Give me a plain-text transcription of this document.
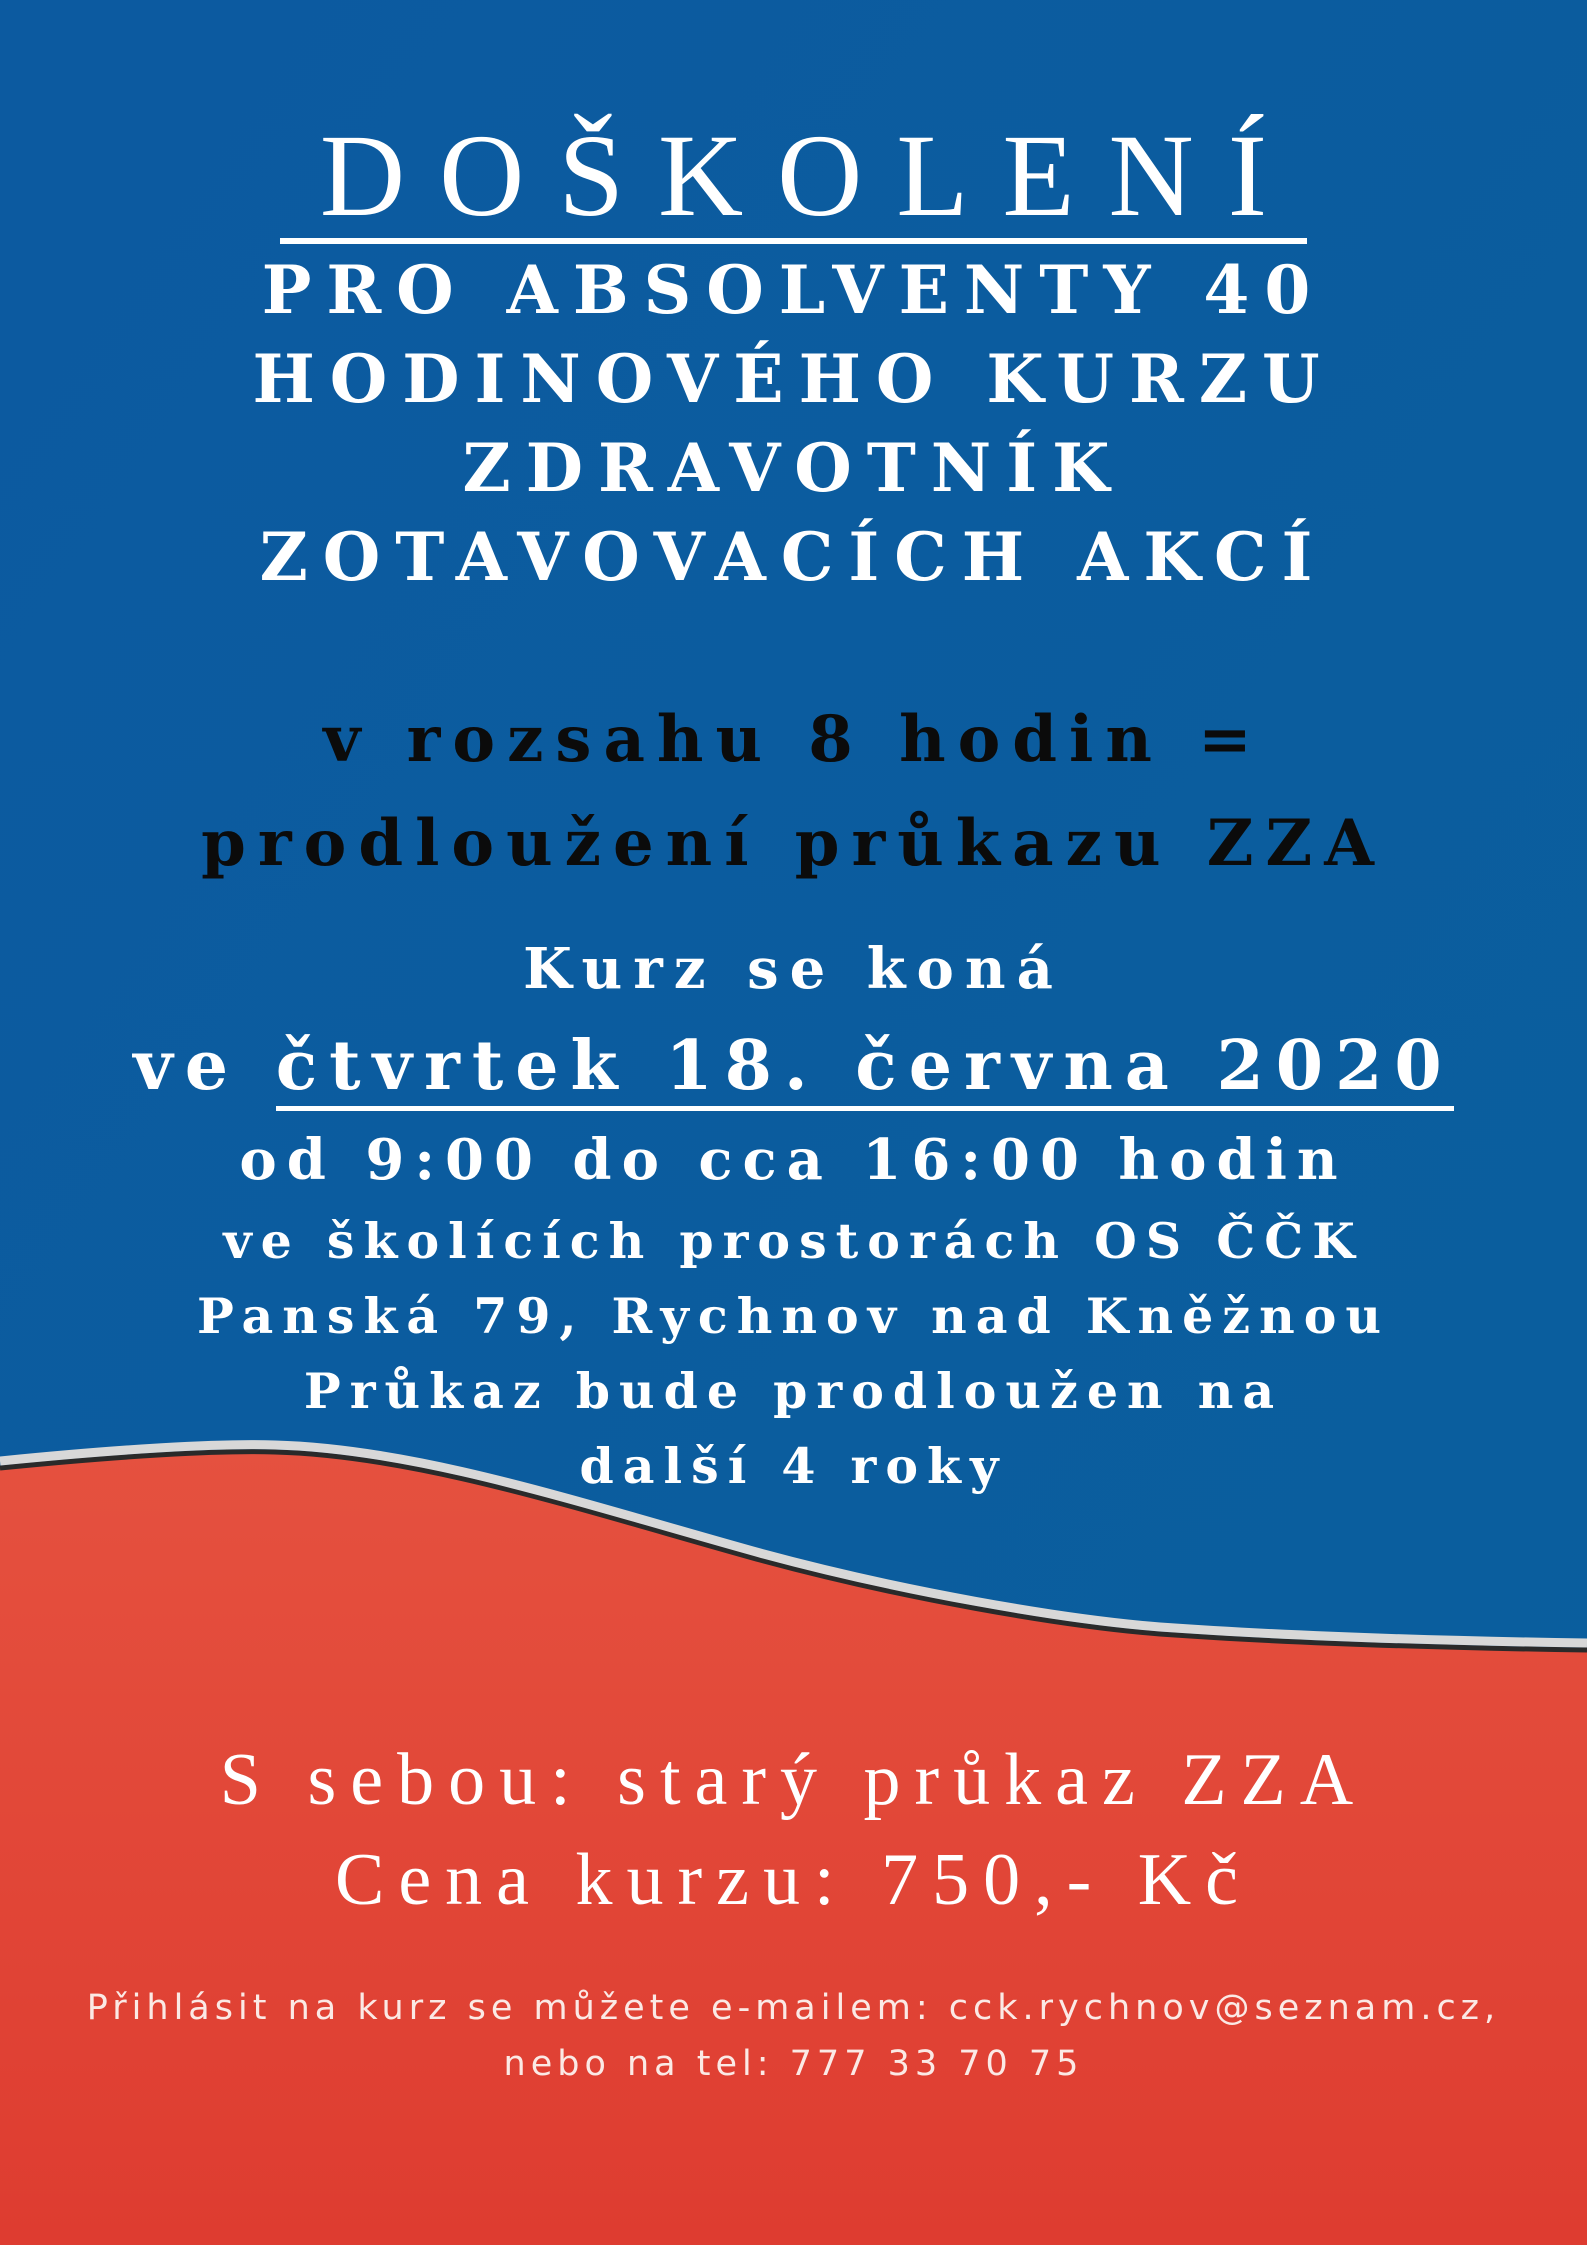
DOŠKOLENÍ
PRO ABSOLVENTY 40
HODINOVÉHO KURZU
ZDRAVOTNÍK
ZOTAVOVACÍCH AKCÍ
v rozsahu 8 hodin =
prodloužení průkazu ZZA
Kurz se koná
ve čtvrtek 18. června 2020
od 9:00 do cca 16:00 hodin
ve školících prostorách OS ČČK
Panská 79, Rychnov nad Kněžnou
Průkaz bude prodloužen na
další 4 roky
S sebou: starý průkaz ZZA
Cena kurzu: 750,- Kč
Přihlásit na kurz se můžete e-mailem: cck.rychnov@seznam.cz,
nebo na tel: 777 33 70 75
